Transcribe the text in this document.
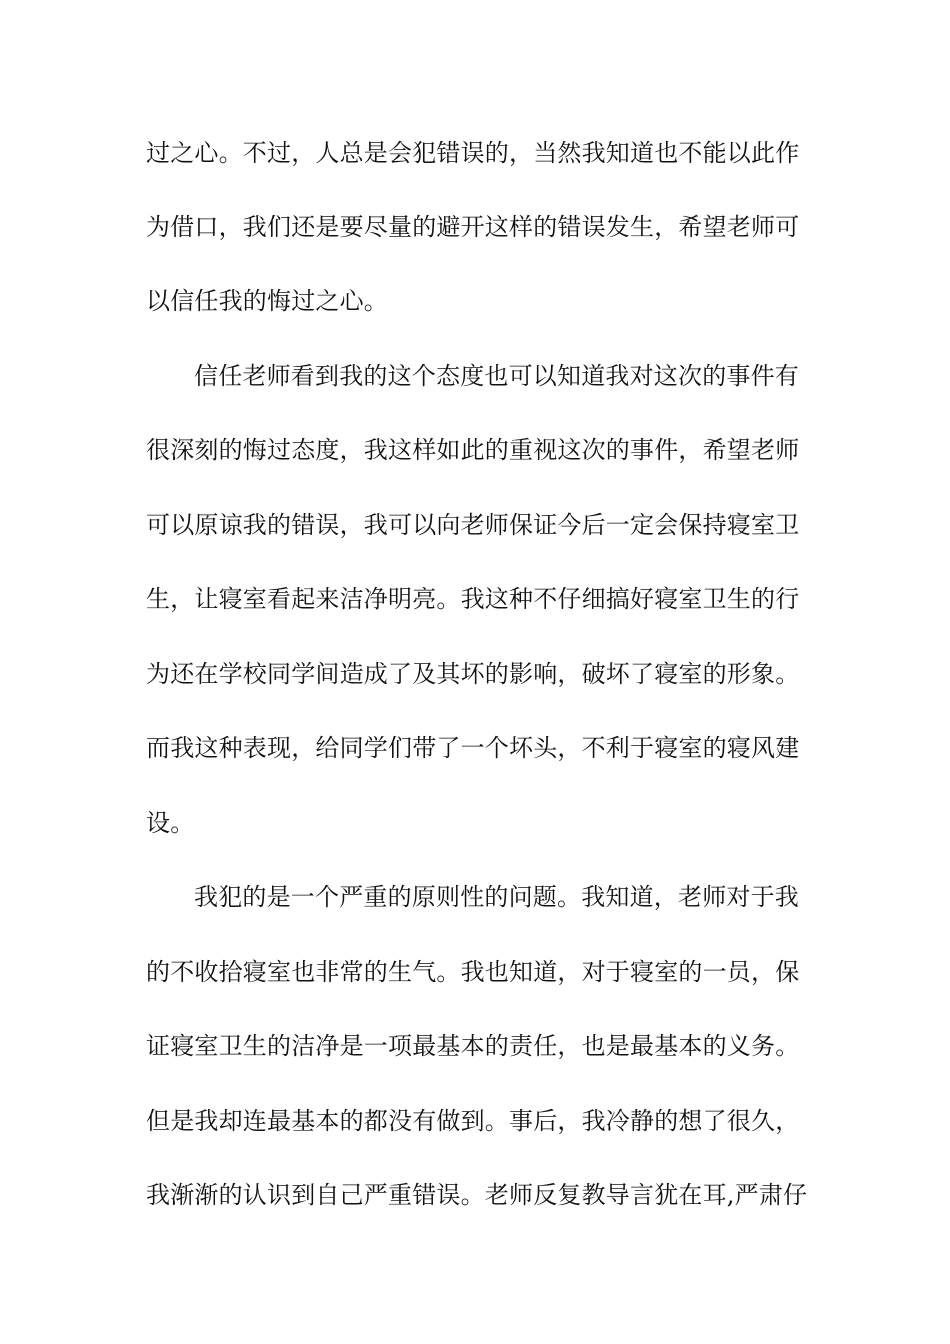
过之心。不过，人总是会犯错误的，当然我知道也不能以此作
为借口，我们还是要尽量的避开这样的错误发生，希望老师可
以信任我的悔过之心。
信任老师看到我的这个态度也可以知道我对这次的事件有
很深刻的悔过态度，我这样如此的重视这次的事件，希望老师
可以原谅我的错误，我可以向老师保证今后一定会保持寝室卫
生，让寝室看起来洁净明亮。我这种不仔细搞好寝室卫生的行
为还在学校同学间造成了及其坏的影响，破坏了寝室的形象。
而我这种表现，给同学们带了一个坏头，不利于寝室的寝风建
设。
我犯的是一个严重的原则性的问题。我知道，老师对于我
的不收拾寝室也非常的生气。我也知道，对于寝室的一员，保
证寝室卫生的洁净是一项最基本的责任，也是最基本的义务。
但是我却连最基本的都没有做到。事后，我冷静的想了很久，
我渐渐的认识到自己严重错误。老师反复教导言犹在耳,严肃仔
